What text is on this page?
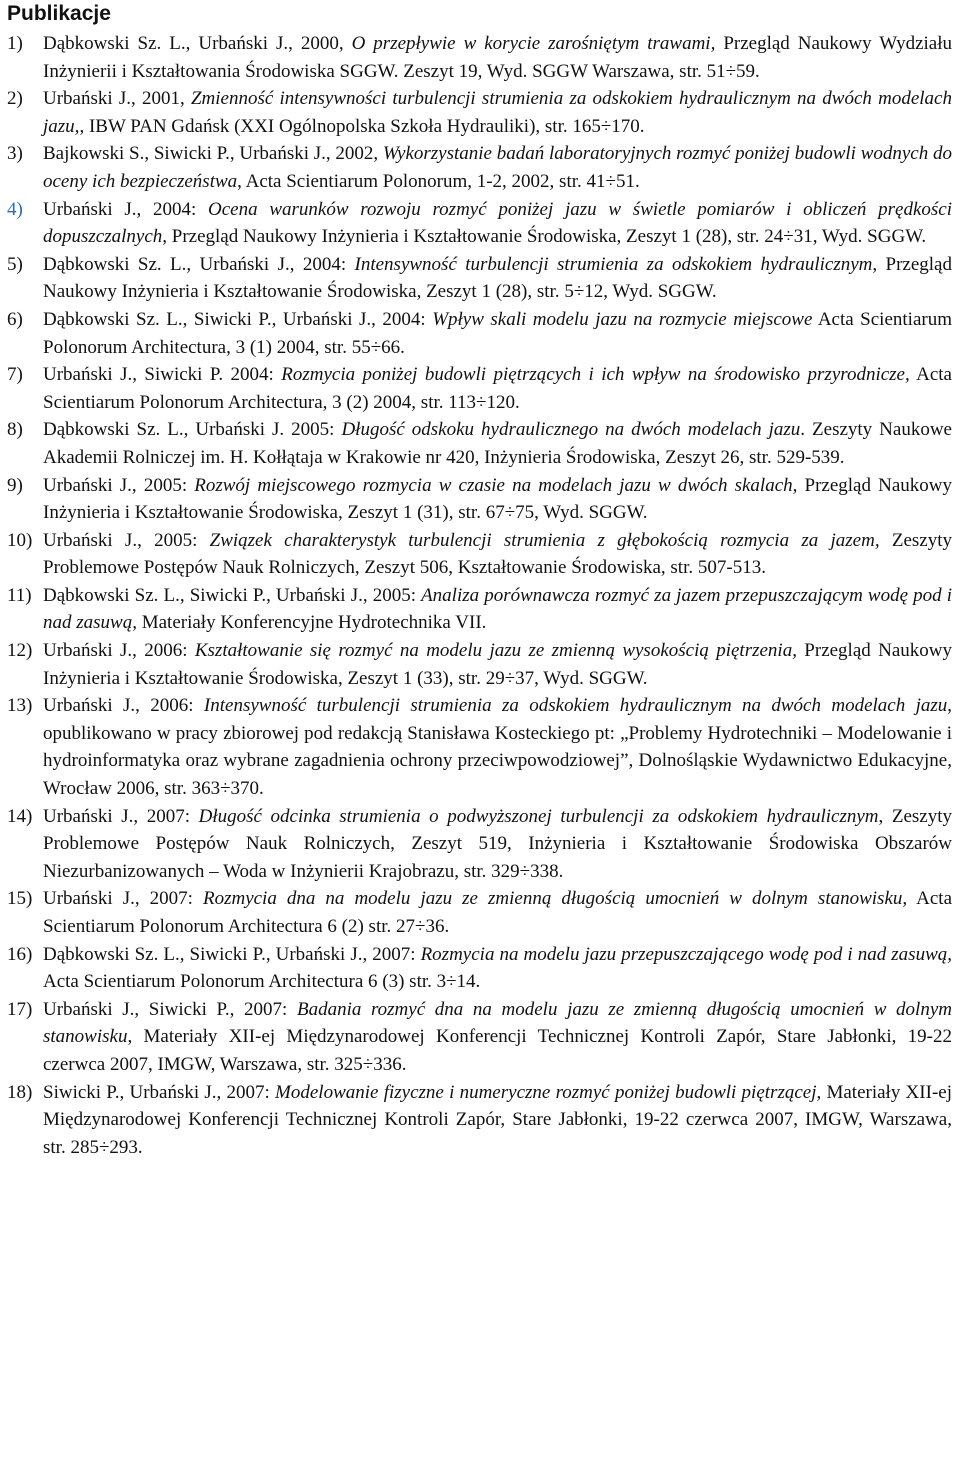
Publikacje
1) Dąbkowski Sz. L., Urbański J., 2000, O przepływie w korycie zarośniętym trawami, Przegląd Naukowy Wydziału Inżynierii i Kształtowania Środowiska SGGW. Zeszyt 19, Wyd. SGGW Warszawa, str. 51÷59.
2) Urbański J., 2001, Zmienność intensywności turbulencji strumienia za odskokiem hydraulicznym na dwóch modelach jazu,, IBW PAN Gdańsk (XXI Ogólnopolska Szkoła Hydrauliki), str. 165÷170.
3) Bajkowski S., Siwicki P., Urbański J., 2002, Wykorzystanie badań laboratoryjnych rozmyć poniżej budowli wodnych do oceny ich bezpieczeństwa, Acta Scientiarum Polonorum, 1-2, 2002, str. 41÷51.
4) Urbański J., 2004: Ocena warunków rozwoju rozmyć poniżej jazu w świetle pomiarów i obliczeń prędkości dopuszczalnych, Przegląd Naukowy Inżynieria i Kształtowanie Środowiska, Zeszyt 1 (28), str. 24÷31, Wyd. SGGW.
5) Dąbkowski Sz. L., Urbański J., 2004: Intensywność turbulencji strumienia za odskokiem hydraulicznym, Przegląd Naukowy Inżynieria i Kształtowanie Środowiska, Zeszyt 1 (28), str. 5÷12, Wyd. SGGW.
6) Dąbkowski Sz. L., Siwicki P., Urbański J., 2004: Wpływ skali modelu jazu na rozmycie miejscowe Acta Scientiarum Polonorum Architectura, 3 (1) 2004, str. 55÷66.
7) Urbański J., Siwicki P. 2004: Rozmycia poniżej budowli piętrzących i ich wpływ na środowisko przyrodnicze, Acta Scientiarum Polonorum Architectura, 3 (2) 2004, str. 113÷120.
8) Dąbkowski Sz. L., Urbański J. 2005: Długość odskoku hydraulicznego na dwóch modelach jazu. Zeszyty Naukowe Akademii Rolniczej im. H. Kołłątaja w Krakowie nr 420, Inżynieria Środowiska, Zeszyt 26, str. 529-539.
9) Urbański J., 2005: Rozwój miejscowego rozmycia w czasie na modelach jazu w dwóch skalach, Przegląd Naukowy Inżynieria i Kształtowanie Środowiska, Zeszyt 1 (31), str. 67÷75, Wyd. SGGW.
10) Urbański J., 2005: Związek charakterystyk turbulencji strumienia z głębokością rozmycia za jazem, Zeszyty Problemowe Postępów Nauk Rolniczych, Zeszyt 506, Kształtowanie Środowiska, str. 507-513.
11) Dąbkowski Sz. L., Siwicki P., Urbański J., 2005: Analiza porównawcza rozmyć za jazem przepuszczającym wodę pod i nad zasuwą, Materiały Konferencyjne Hydrotechnika VII.
12) Urbański J., 2006: Kształtowanie się rozmyć na modelu jazu ze zmienną wysokością piętrzenia, Przegląd Naukowy Inżynieria i Kształtowanie Środowiska, Zeszyt 1 (33), str. 29÷37, Wyd. SGGW.
13) Urbański J., 2006: Intensywność turbulencji strumienia za odskokiem hydraulicznym na dwóch modelach jazu, opublikowano w pracy zbiorowej pod redakcją Stanisława Kosteckiego pt: „Problemy Hydrotechniki – Modelowanie i hydroinformatyka oraz wybrane zagadnienia ochrony przeciwpowodziowej”, Dolnośląskie Wydawnictwo Edukacyjne, Wrocław 2006, str. 363÷370.
14) Urbański J., 2007: Długość odcinka strumienia o podwyższonej turbulencji za odskokiem hydraulicznym, Zeszyty Problemowe Postępów Nauk Rolniczych, Zeszyt 519, Inżynieria i Kształtowanie Środowiska Obszarów Niezurbanizowanych – Woda w Inżynierii Krajobrazu, str. 329÷338.
15) Urbański J., 2007: Rozmycia dna na modelu jazu ze zmienną długością umocnień w dolnym stanowisku, Acta Scientiarum Polonorum Architectura 6 (2) str. 27÷36.
16) Dąbkowski Sz. L., Siwicki P., Urbański J., 2007: Rozmycia na modelu jazu przepuszczającego wodę pod i nad zasuwą, Acta Scientiarum Polonorum Architectura 6 (3) str. 3÷14.
17) Urbański J., Siwicki P., 2007: Badania rozmyć dna na modelu jazu ze zmienną długością umocnień w dolnym stanowisku, Materiały XII-ej Międzynarodowej Konferencji Technicznej Kontroli Zapór, Stare Jabłonki, 19-22 czerwca 2007, IMGW, Warszawa, str. 325÷336.
18) Siwicki P., Urbański J., 2007: Modelowanie fizyczne i numeryczne rozmyć poniżej budowli piętrzącej, Materiały XII-ej Międzynarodowej Konferencji Technicznej Kontroli Zapór, Stare Jabłonki, 19-22 czerwca 2007, IMGW, Warszawa, str. 285÷293.
